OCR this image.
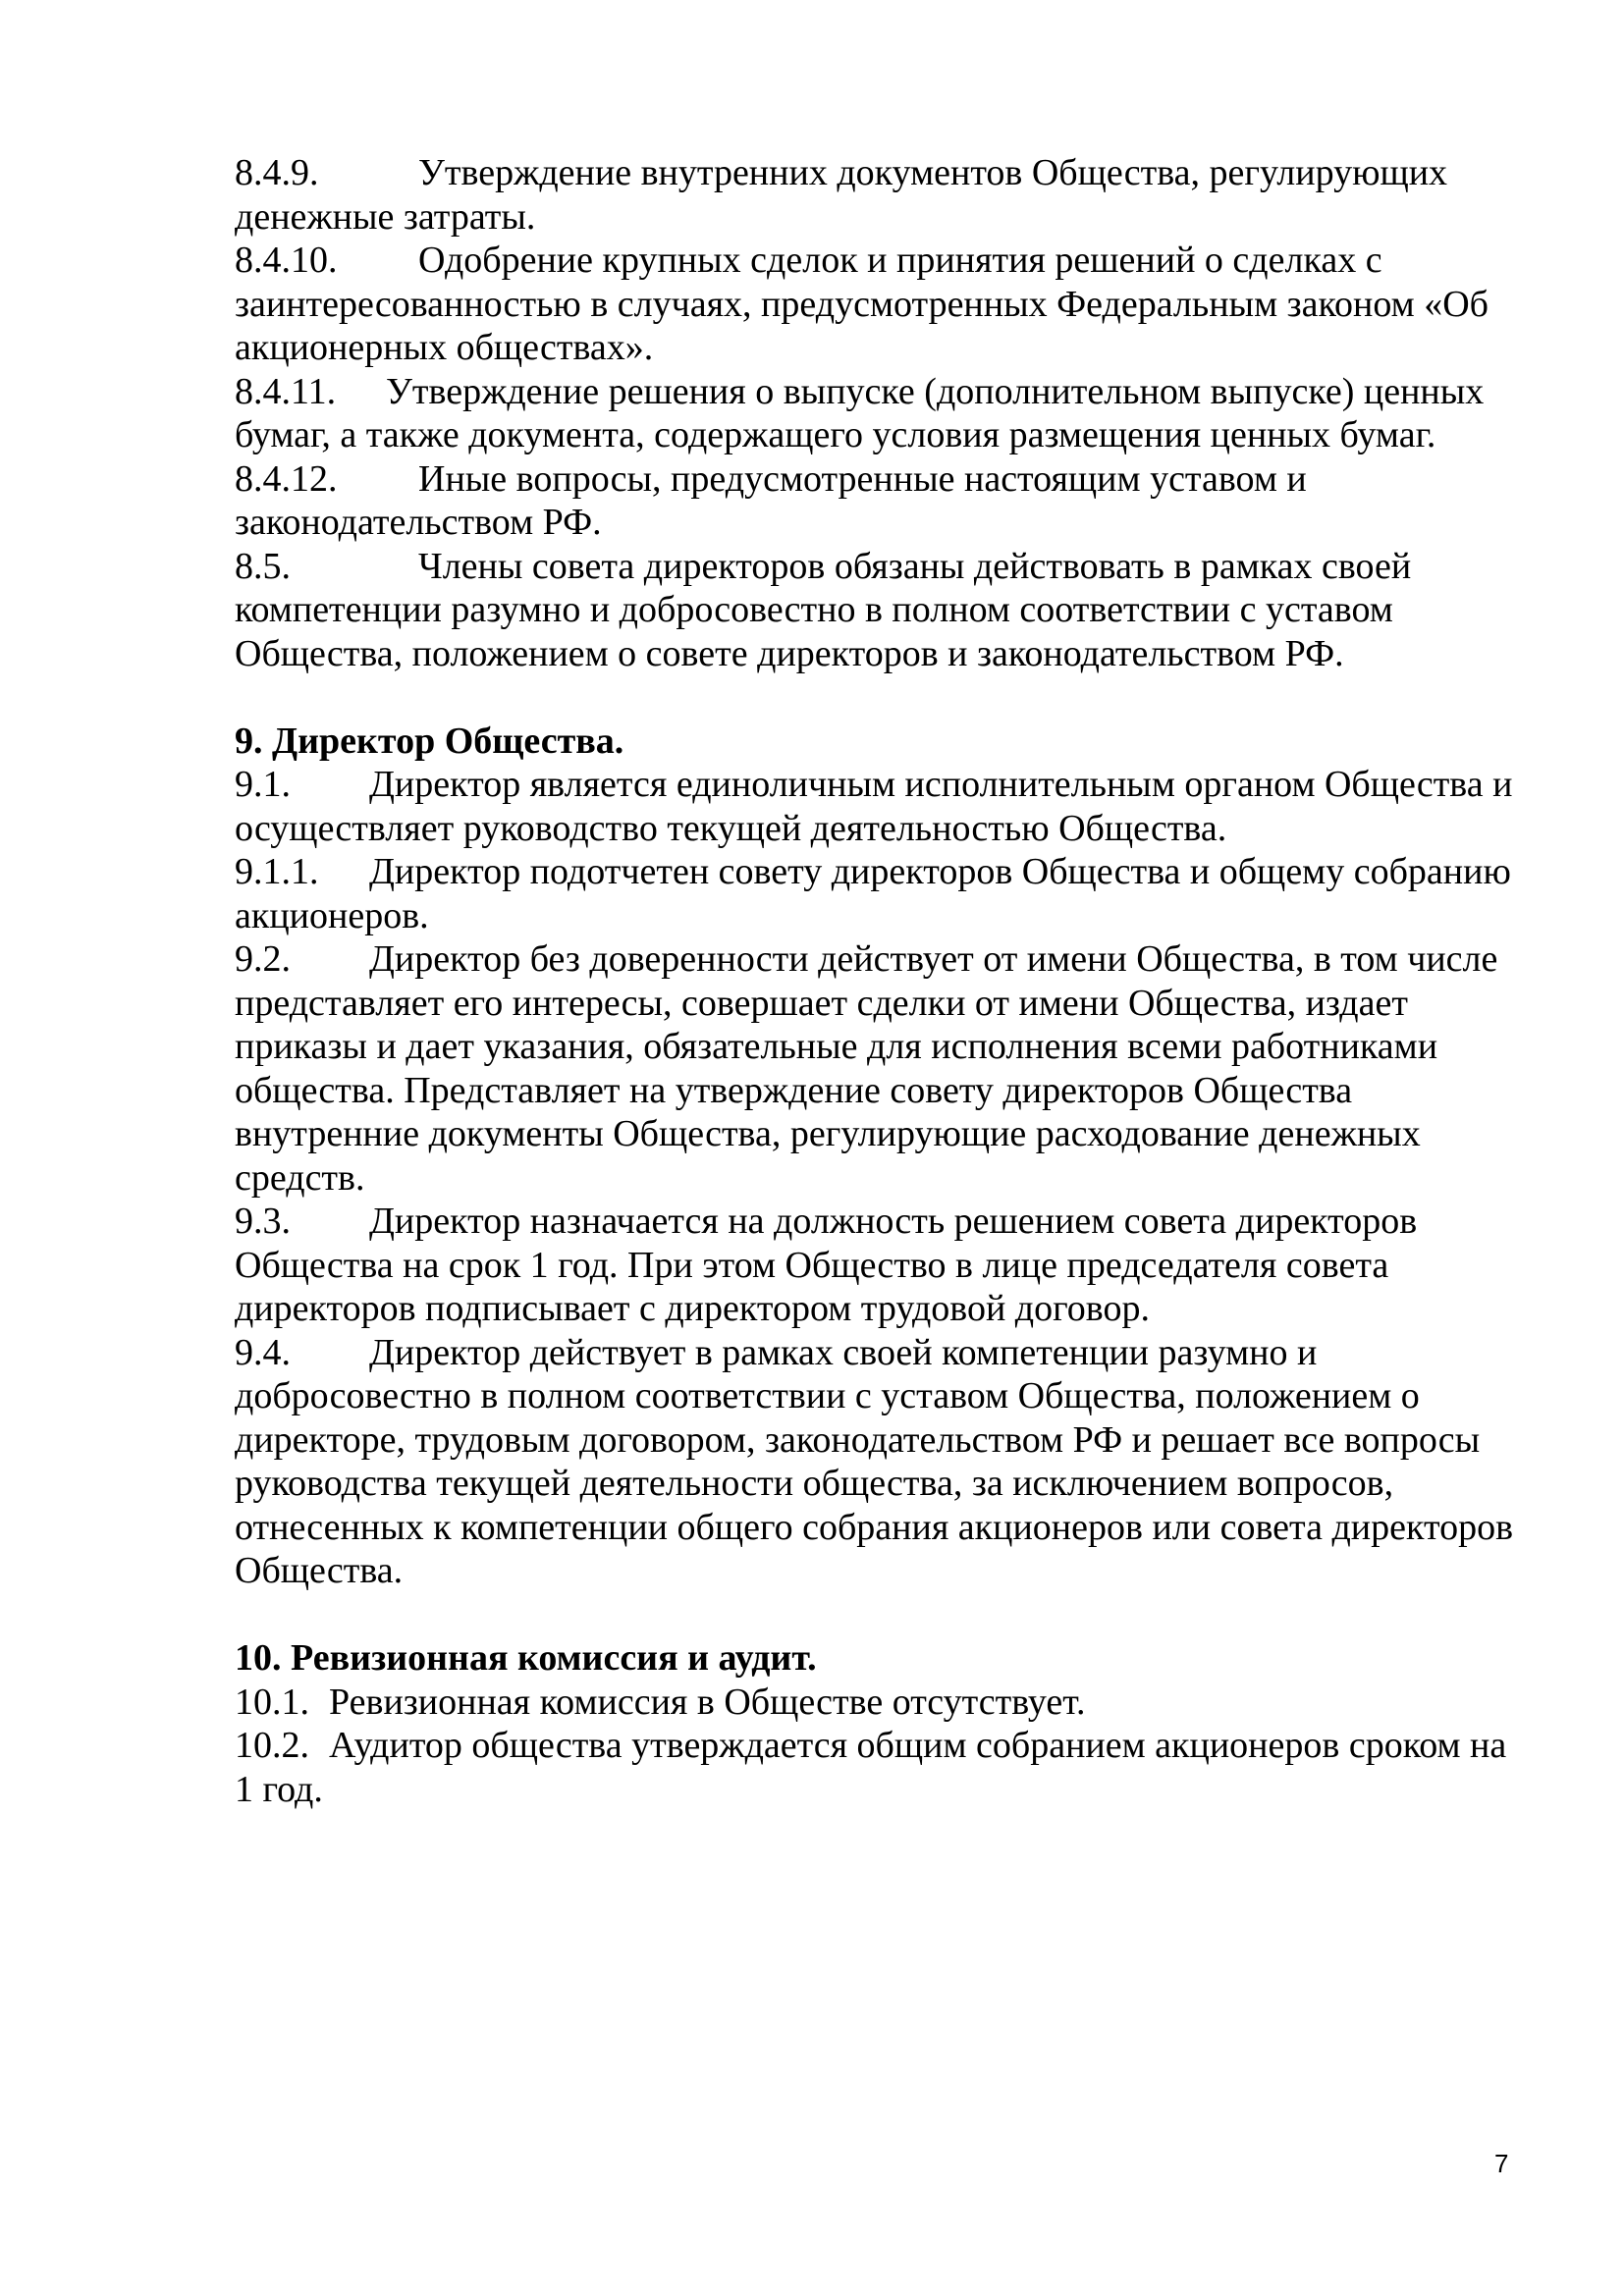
8.4.9.	Утверждение внутренних документов Общества, регулирующих денежные затраты.

8.4.10. Одобрение крупных сделок и принятия решений о сделках с заинтересованностью в случаях, предусмотренных Федеральным законом «Об акционерных обществах».

8.4.11. Утверждение решения о выпуске (дополнительном выпуске) ценных бумаг, а также документа, содержащего условия размещения ценных бумаг.

8.4.12. Иные вопросы, предусмотренные настоящим уставом и законодательством РФ.

8.5.	Члены совета директоров обязаны действовать в рамках своей компетенции разумно и добросовестно в полном соответствии с уставом Общества, положением о совете директоров и законодательством РФ.

9. Директор Общества.

9.1. Директор является единоличным исполнительным органом Общества и осуществляет руководство текущей деятельностью Общества.

9.1.1. Директор подотчетен совету директоров Общества и общему собранию акционеров.

9.2. Директор без доверенности действует от имени Общества, в том числе представляет его интересы, совершает сделки от имени Общества, издает приказы и дает указания, обязательные для исполнения всеми работниками общества. Представляет на утверждение совету директоров Общества внутренние документы Общества, регулирующие расходование денежных средств.

9.3. Директор назначается на должность решением совета директоров Общества на срок 1 год. При этом Общество в лице председателя совета директоров подписывает с директором трудовой договор.

9.4. Директор действует в рамках своей компетенции разумно и добросовестно в полном соответствии с уставом Общества, положением о директоре, трудовым договором, законодательством РФ и решает все вопросы руководства текущей деятельности общества, за исключением вопросов, отнесенных к компетенции общего собрания акционеров или совета директоров Общества.

10. Ревизионная комиссия и аудит.

10.1. Ревизионная комиссия в Обществе отсутствует.

10.2. Аудитор общества утверждается общим собранием акционеров сроком на 1 год.

7
